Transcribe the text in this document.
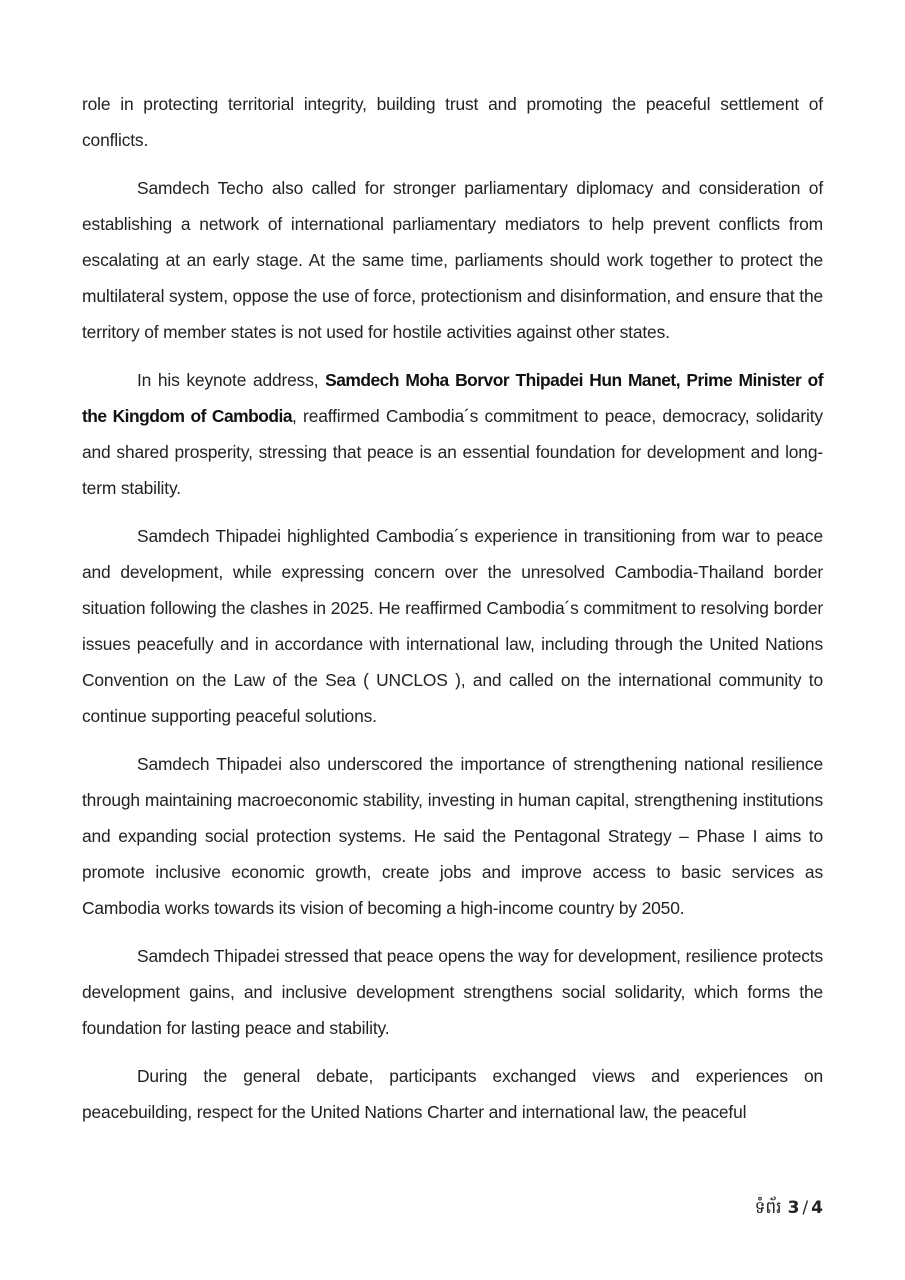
role in protecting territorial integrity, building trust and promoting the peaceful settlement of conflicts.

Samdech Techo also called for stronger parliamentary diplomacy and consideration of establishing a network of international parliamentary mediators to help prevent conflicts from escalating at an early stage. At the same time, parliaments should work together to protect the multilateral system, oppose the use of force, protectionism and disinformation, and ensure that the territory of member states is not used for hostile activities against other states.

In his keynote address, Samdech Moha Borvor Thipadei Hun Manet, Prime Minister of the Kingdom of Cambodia, reaffirmed Cambodia´s commitment to peace, democracy, solidarity and shared prosperity, stressing that peace is an essential foundation for development and long-term stability.

Samdech Thipadei highlighted Cambodia´s experience in transitioning from war to peace and development, while expressing concern over the unresolved Cambodia-Thailand border situation following the clashes in 2025. He reaffirmed Cambodia´s commitment to resolving border issues peacefully and in accordance with international law, including through the United Nations Convention on the Law of the Sea ( UNCLOS ), and called on the international community to continue supporting peaceful solutions.

Samdech Thipadei also underscored the importance of strengthening national resilience through maintaining macroeconomic stability, investing in human capital, strengthening institutions and expanding social protection systems. He said the Pentagonal Strategy – Phase I aims to promote inclusive economic growth, create jobs and improve access to basic services as Cambodia works towards its vision of becoming a high-income country by 2050.

Samdech Thipadei stressed that peace opens the way for development, resilience protects development gains, and inclusive development strengthens social solidarity, which forms the foundation for lasting peace and stability.

During the general debate, participants exchanged views and experiences on peacebuilding, respect for the United Nations Charter and international law, the peaceful

ទំព័រ 3 / 4
